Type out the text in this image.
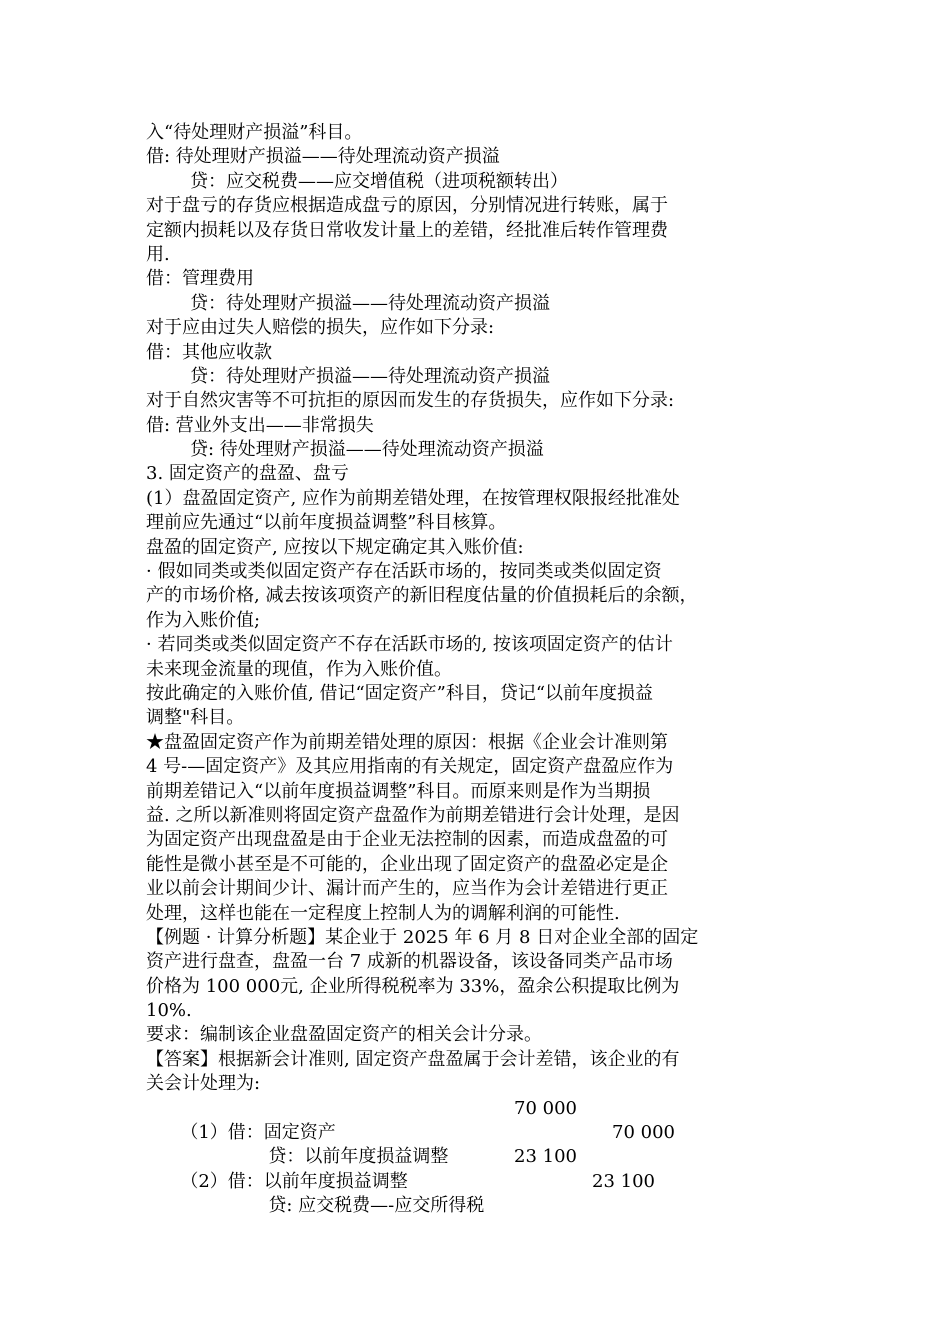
入“待处理财产损溢”科目。
借: 待处理财产损溢——待处理流动资产损溢
贷：应交税费——应交增值税（进项税额转出）
对于盘亏的存货应根据造成盘亏的原因，分别情况进行转账，属于
定额内损耗以及存货日常收发计量上的差错，经批准后转作管理费
用.
借：管理费用
贷：待处理财产损溢——待处理流动资产损溢
对于应由过失人赔偿的损失，应作如下分录:
借：其他应收款
贷：待处理财产损溢——待处理流动资产损溢
对于自然灾害等不可抗拒的原因而发生的存货损失，应作如下分录:
借: 营业外支出——非常损失
贷: 待处理财产损溢——待处理流动资产损溢
3. 固定资产的盘盈、盘亏
(1）盘盈固定资产, 应作为前期差错处理，在按管理权限报经批准处
理前应先通过“以前年度损益调整”科目核算。
盘盈的固定资产, 应按以下规定确定其入账价值:
· 假如同类或类似固定资产存在活跃市场的，按同类或类似固定资
产的市场价格, 减去按该项资产的新旧程度估量的价值损耗后的余额，
作为入账价值;
· 若同类或类似固定资产不存在活跃市场的, 按该项固定资产的估计
未来现金流量的现值，作为入账价值。
按此确定的入账价值, 借记“固定资产”科目，贷记“以前年度损益
调整"科目。
★盘盈固定资产作为前期差错处理的原因：根据《企业会计准则第
4 号-—固定资产》及其应用指南的有关规定，固定资产盘盈应作为
前期差错记入“以前年度损益调整”科目。而原来则是作为当期损
益. 之所以新准则将固定资产盘盈作为前期差错进行会计处理，是因
为固定资产出现盘盈是由于企业无法控制的因素，而造成盘盈的可
能性是微小甚至是不可能的，企业出现了固定资产的盘盈必定是企
业以前会计期间少计、漏计而产生的，应当作为会计差错进行更正
处理，这样也能在一定程度上控制人为的调解利润的可能性.
【例题 · 计算分析题】某企业于 2025 年 6 月 8 日对企业全部的固定
资产进行盘查，盘盈一台 7 成新的机器设备，该设备同类产品市场
价格为 100 000元, 企业所得税税率为 33%，盈余公积提取比例为
10%.
要求：编制该企业盘盈固定资产的相关会计分录。
【答案】根据新会计准则, 固定资产盘盈属于会计差错，该企业的有
关会计处理为:

（1）借：固定资产

70 000

贷：以前年度损益调整

70 000

（2）借：以前年度损益调整

23 100

贷: 应交税费—-应交所得税

23 100
